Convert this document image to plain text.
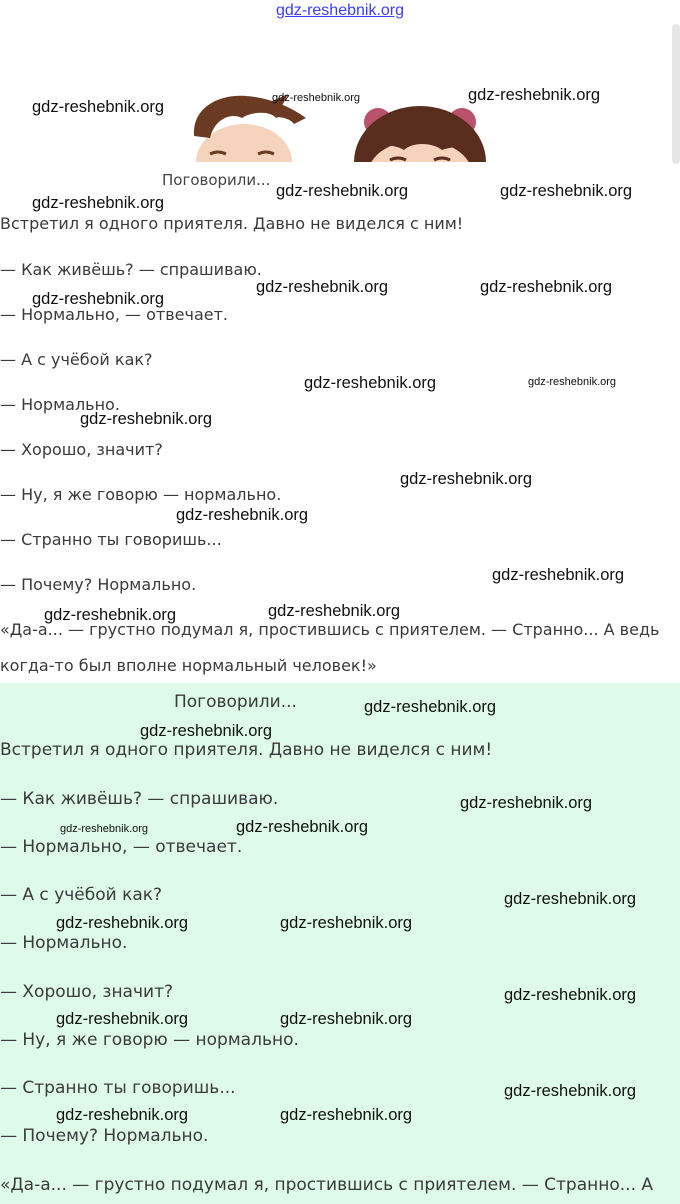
gdz-reshebnik.org
Поговорили...
Встретил я одного приятеля. Давно не виделся с ним!
— Как живёшь? — спрашиваю.
— Нормально, — отвечает.
— А с учёбой как?
— Нормально.
— Хорошо, значит?
— Ну, я же говорю — нормально.
— Странно ты говоришь...
— Почему? Нормально.
«Да-а... — грустно подумал я, простившись с приятелем. — Странно... А ведь
когда-то был вполне нормальный человек!»
Поговорили...
Встретил я одного приятеля. Давно не виделся с ним!
— Как живёшь? — спрашиваю.
— Нормально, — отвечает.
— А с учёбой как?
— Нормально.
— Хорошо, значит?
— Ну, я же говорю — нормально.
— Странно ты говоришь...
— Почему? Нормально.
«Да-а... — грустно подумал я, простившись с приятелем. — Странно... А
gdz-reshebnik.org	gdz-reshebnik.org	gdz-reshebnik.org
gdz-reshebnik.org
gdz-reshebnik.org	gdz-reshebnik.org
gdz-reshebnik.org
gdz-reshebnik.org	gdz-reshebnik.org
gdz-reshebnik.org	gdz-reshebnik.org
gdz-reshebnik.org
gdz-reshebnik.org
gdz-reshebnik.org
gdz-reshebnik.org
gdz-reshebnik.org	gdz-reshebnik.org
gdz-reshebnik.org
gdz-reshebnik.org
gdz-reshebnik.org
gdz-reshebnik.org	gdz-reshebnik.org
gdz-reshebnik.org
gdz-reshebnik.org	gdz-reshebnik.org
gdz-reshebnik.org
gdz-reshebnik.org	gdz-reshebnik.org
gdz-reshebnik.org
gdz-reshebnik.org	gdz-reshebnik.org
